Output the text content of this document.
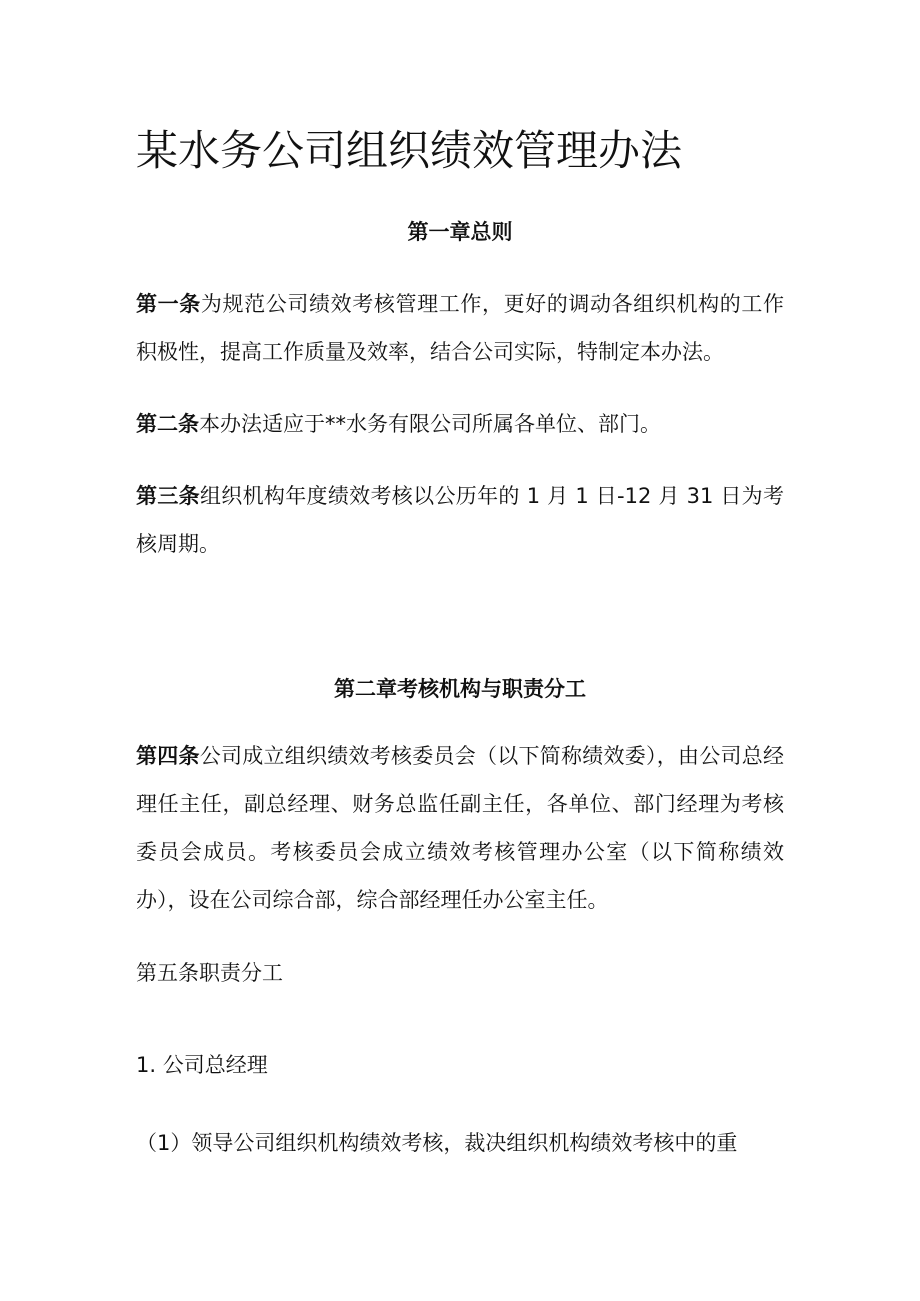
某水务公司组织绩效管理办法
第一章总则

第一条为规范公司绩效考核管理工作，更好的调动各组织机构的工作积极性，提高工作质量及效率，结合公司实际，特制定本办法。

第二条本办法适应于**水务有限公司所属各单位、部门。

第三条组织机构年度绩效考核以公历年的 1 月 1 日-12 月 31 日为考核周期。

第二章考核机构与职责分工

第四条公司成立组织绩效考核委员会（以下简称绩效委），由公司总经理任主任，副总经理、财务总监任副主任，各单位、部门经理为考核委员会成员。考核委员会成立绩效考核管理办公室（以下简称绩效办），设在公司综合部，综合部经理任办公室主任。

第五条职责分工

1. 公司总经理

（1）领导公司组织机构绩效考核，裁决组织机构绩效考核中的重
